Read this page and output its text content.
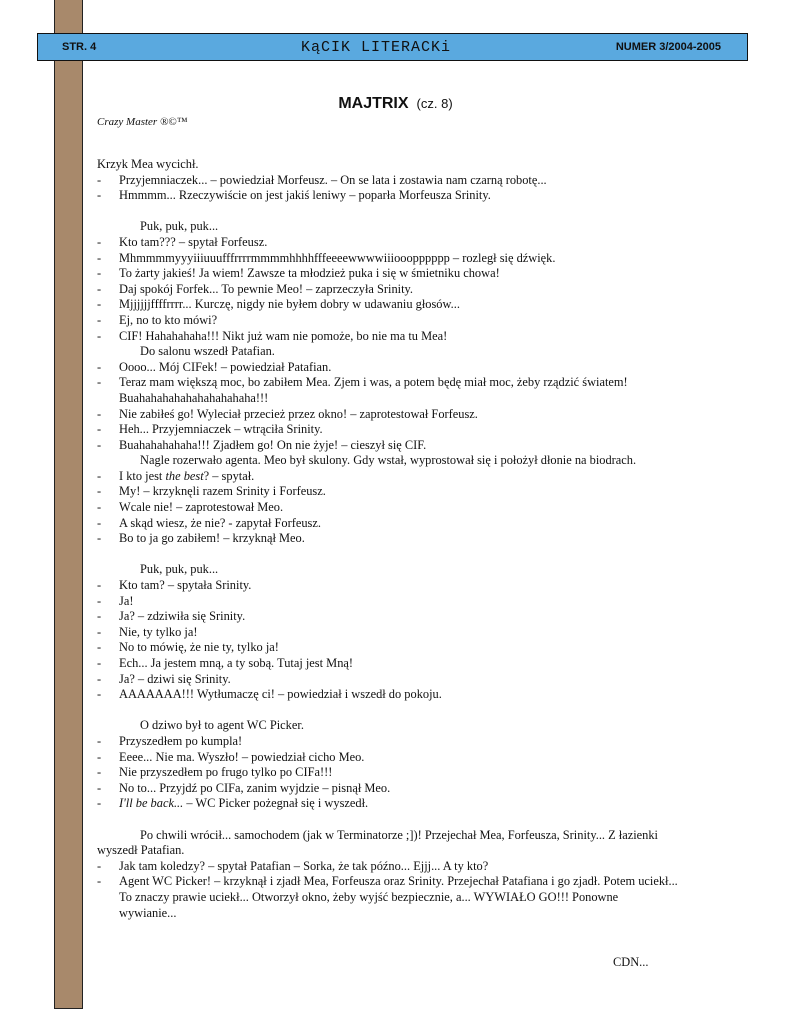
STR. 4	KąCIK LITERACKi	NUMER 3/2004-2005
MAJTRIX (cz. 8)
Crazy Master ®©™
Krzyk Mea wycichł.
-	Przyjemniaczek... – powiedział Morfeusz. – On se lata i zostawia nam czarną robotę...
-	Hmmmm... Rzeczywiście on jest jakiś leniwy – poparła Morfeusza Srinity.
Puk, puk, puk...
-	Kto tam??? – spytał Forfeusz.
-	Mhmmmmyyyiiiuuufffrrrrmmmmhhhhfffeeeewwwwiiiooopppppp – rozległ się dźwięk.
-	To żarty jakieś! Ja wiem! Zawsze ta młodzież puka i się w śmietniku chowa!
-	Daj spokój Forfek... To pewnie Meo! – zaprzeczyła Srinity.
-	Mjjjjjjffffrrrr... Kurczę, nigdy nie byłem dobry w udawaniu głosów...
-	Ej, no to kto mówi?
-	CIF! Hahahahaha!!! Nikt już wam nie pomoże, bo nie ma tu Mea!
Do salonu wszedł Patafian.
-	Oooo... Mój CIFek! – powiedział Patafian.
-	Teraz mam większą moc, bo zabiłem Mea. Zjem i was, a potem będę miał moc, żeby rządzić światem!
Buahahahahahahahahahaha!!!
-	Nie zabiłeś go! Wyleciał przecież przez okno! – zaprotestował Forfeusz.
-	Heh... Przyjemniaczek – wtrąciła Srinity.
-	Buahahahahaha!!! Zjadłem go! On nie żyje! – cieszył się CIF.
Nagle rozerwało agenta. Meo był skulony. Gdy wstał, wyprostował się i położył dłonie na biodrach.
-	I kto jest the best? – spytał.
-	My! – krzyknęli razem Srinity i Forfeusz.
-	Wcale nie! – zaprotestował Meo.
-	A skąd wiesz, że nie? - zapytał Forfeusz.
-	Bo to ja go zabiłem! – krzyknął Meo.
Puk, puk, puk...
-	Kto tam? – spytała Srinity.
-	Ja!
-	Ja? – zdziwiła się Srinity.
-	Nie, ty tylko ja!
-	No to mówię, że nie ty, tylko ja!
-	Ech... Ja jestem mną, a ty sobą. Tutaj jest Mną!
-	Ja? – dziwi się Srinity.
-	AAAAAAA!!! Wytłumaczę ci! – powiedział i wszedł do pokoju.
O dziwo był to agent WC Picker.
-	Przyszedłem po kumpla!
-	Eeee... Nie ma. Wyszło! – powiedział cicho Meo.
-	Nie przyszedłem po frugo tylko po CIFa!!!
-	No to... Przyjdź po CIFa, zanim wyjdzie – pisnął Meo.
-	I'll be back... – WC Picker pożegnał się i wyszedł.
Po chwili wrócił... samochodem (jak w Terminatorze ;])! Przejechał Mea, Forfeusza, Srinity... Z łazienki
wyszedł Patafian.
-	Jak tam koledzy? – spytał Patafian – Sorka, że tak późno... Ejjj... A ty kto?
-	Agent WC Picker! – krzyknął i zjadł Mea, Forfeusza oraz Srinity. Przejechał Patafiana i go zjadł. Potem uciekł...
To znaczy prawie uciekł... Otworzył okno, żeby wyjść bezpiecznie, a... WYWIAŁO GO!!! Ponowne
wywianie...
CDN...
